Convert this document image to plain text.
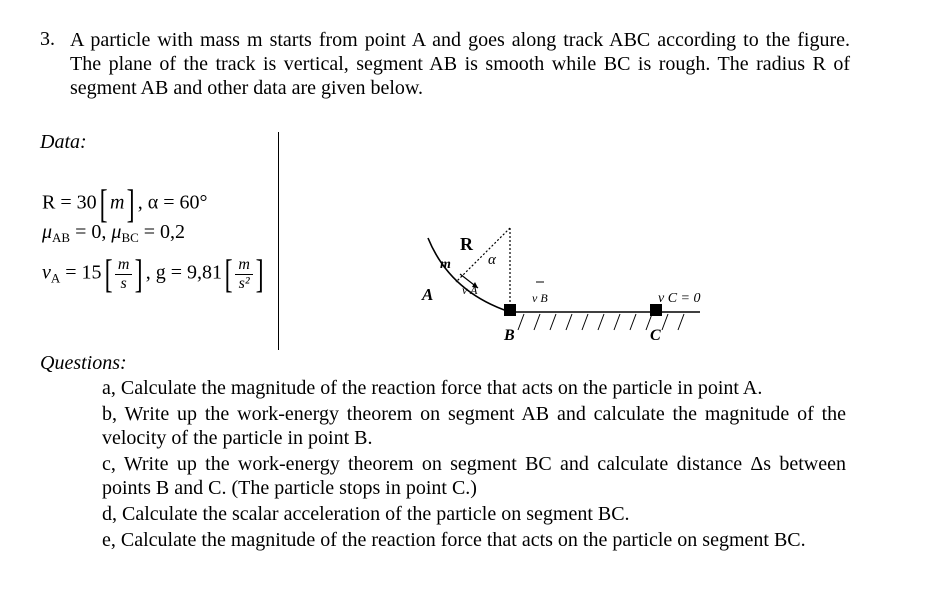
3. A particle with mass m starts from point A and goes along track ABC according to the figure. The plane of the track is vertical, segment AB is smooth while BC is rough. The radius R of segment AB and other data are given below.
Data:
R = 30[ m] , α = 60°
$\mu_{AB} = 0$, $\mu_{BC} = 0,2$
$v_A = 15[ \frac{m}{s}$ ] , $g = 9,81[ \frac{m}{\text{s²}}$ ]
R
α
m
A v A
B
v B
C
v C = 0
Questions:
a, Calculate the magnitude of the reaction force that acts on the particle in point A.
b, Write up the work-energy theorem on segment AB and calculate the magnitude of the velocity of the particle in point B.
c, Write up the work-energy theorem on segment BC and calculate distance Δs between points B and C. (The particle stops in point C.)
d, Calculate the scalar acceleration of the particle on segment BC.
e, Calculate the magnitude of the reaction force that acts on the particle on segment BC.
